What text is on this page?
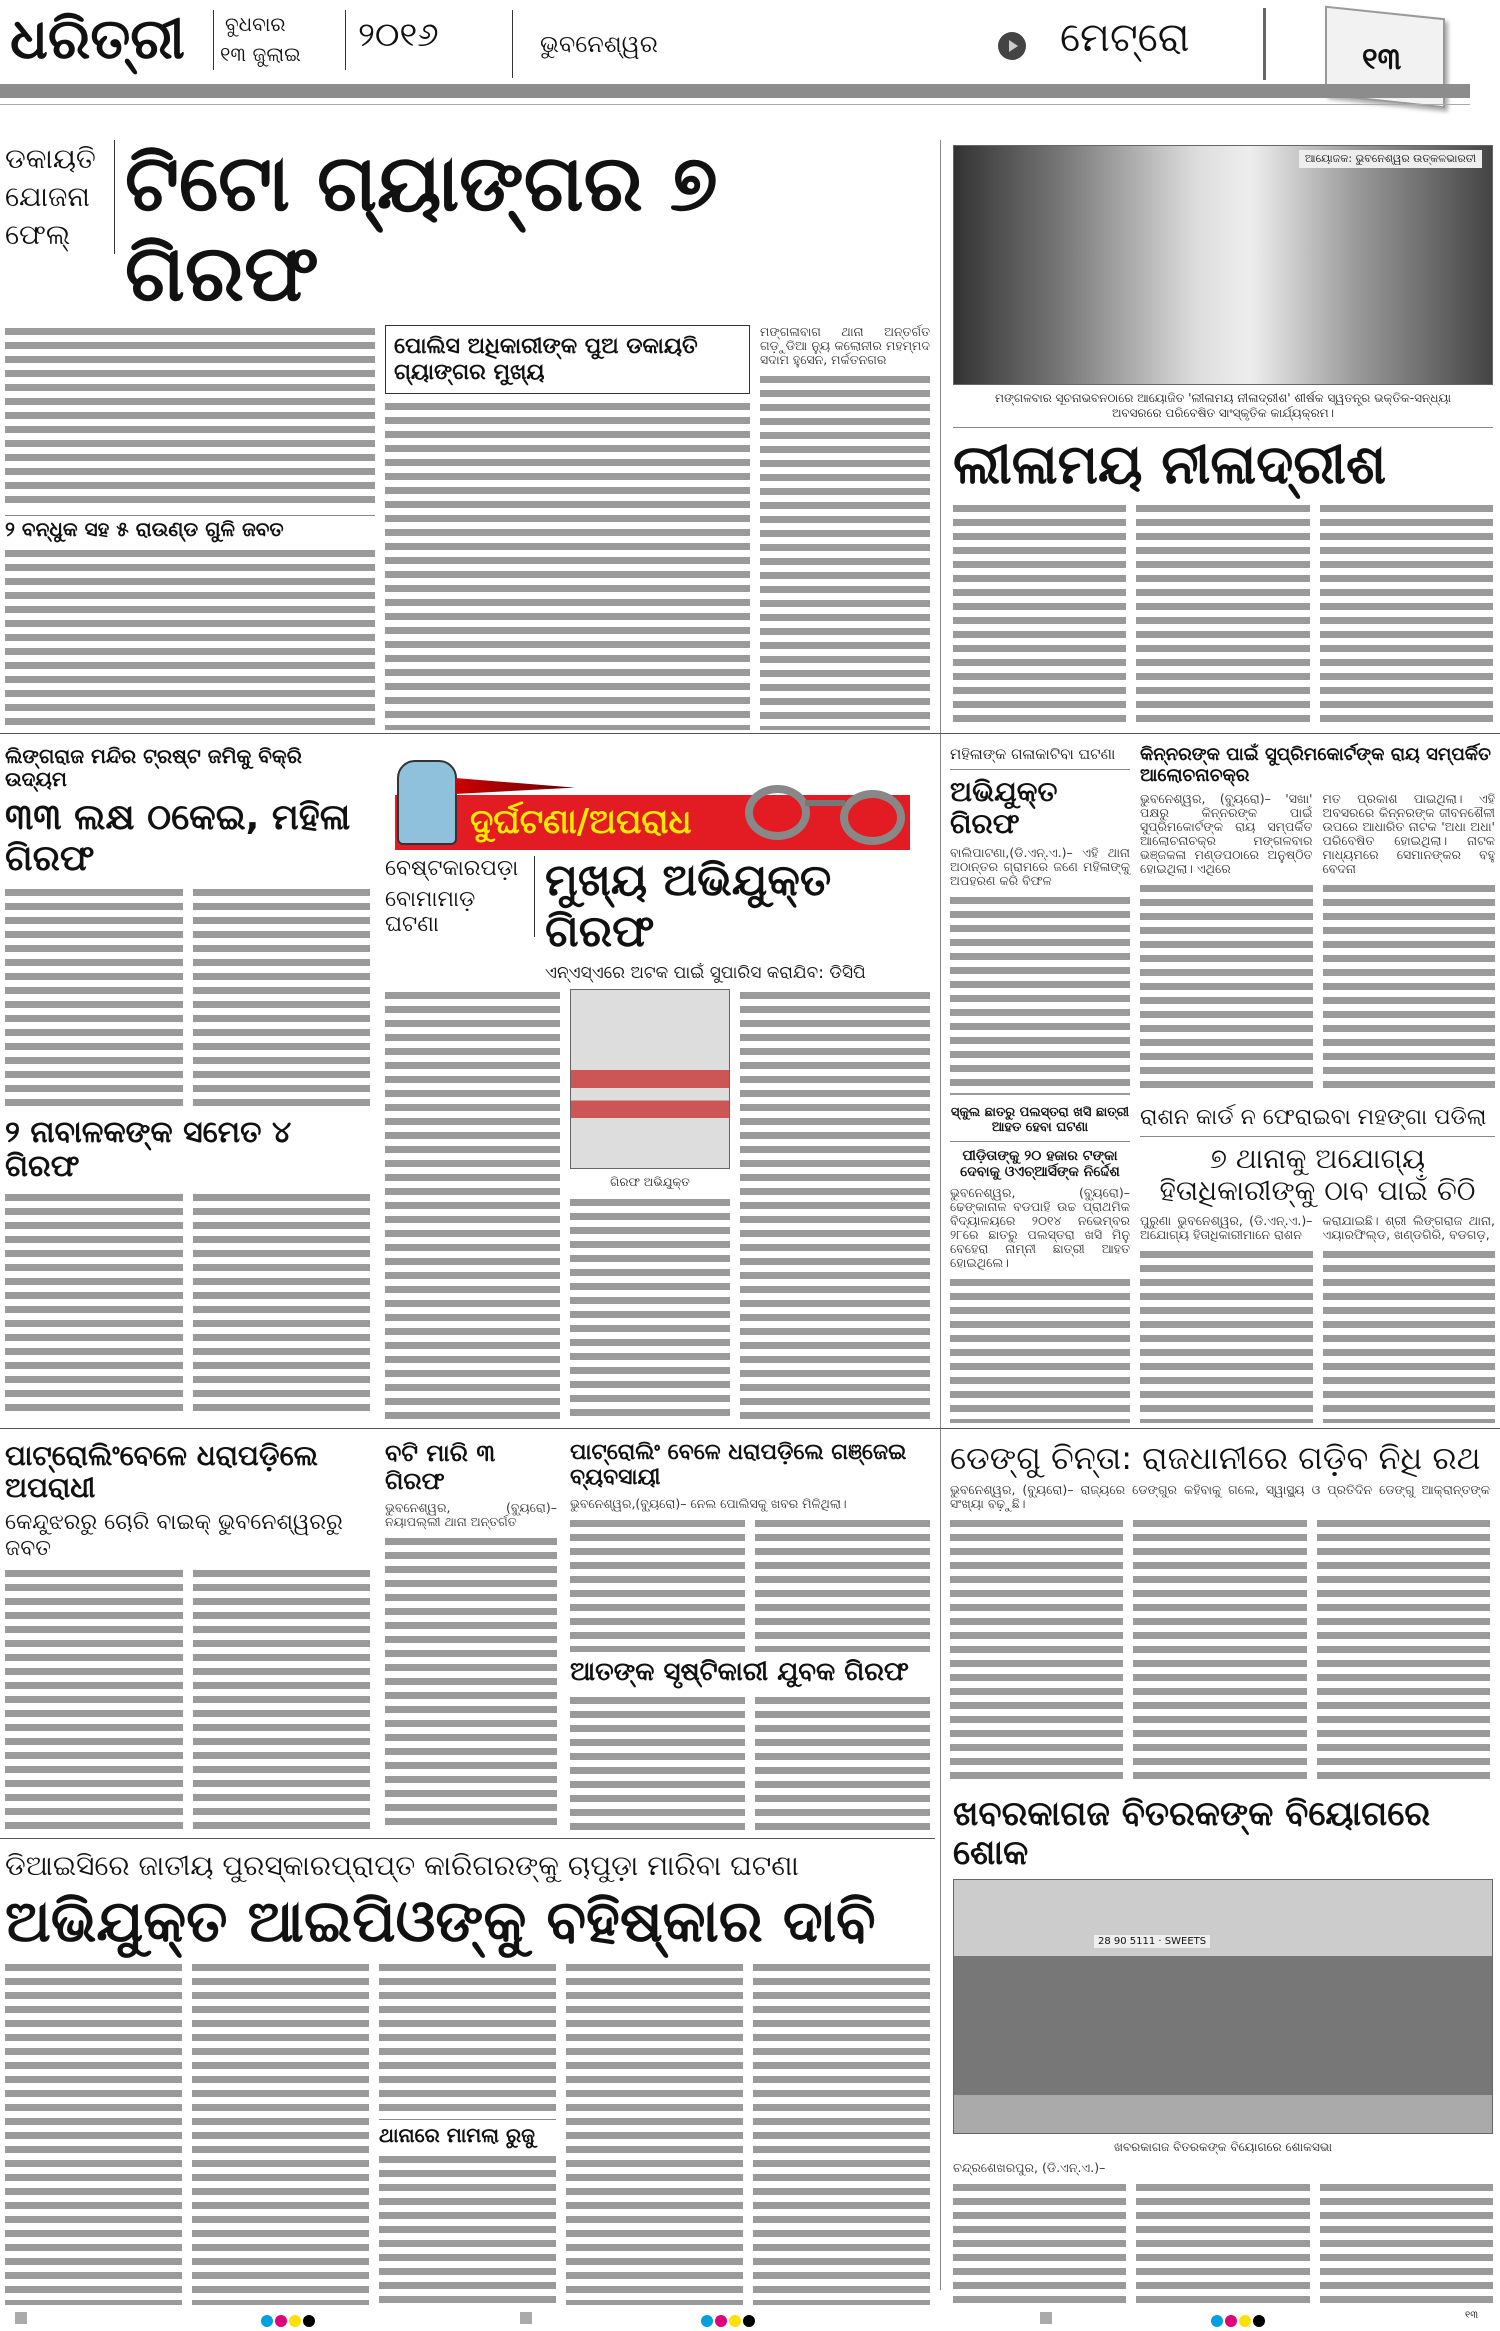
ଧରିତ୍ରୀ ବୁଧବାର
୧୩ ଜୁଲାଇ ୨୦୧୬	ଭୁବନେଶ୍ୱର	ମେଟ୍ରୋ	୧୩
ଡକାୟତି ଯୋଜନା ଫେଲ୍
ଟିଟୋ ଗ୍ୟାଙ୍ଗର ୭ ଗିରଫ
୨ ବନ୍ଧୁକ ସହ ୫ ରାଉଣ୍ଡ ଗୁଳି ଜବତ
ପୋଲିସ ଅଧିକାରୀଙ୍କ ପୁଅ ଡକାୟତି ଗ୍ୟାଙ୍ଗର ମୁଖ୍ୟ
ମଙ୍ଗଳାବାଗ ଥାନା ଅନ୍ତର୍ଗତ ଗଡ଼ୁଡିଆ ନ୍ୟୁ କଲୋନୀର ମହମ୍ମଦ ସଦାମ ହୁସେନ, ମର୍କତନଗର
ଆୟୋଜକ: ଭୁବନେଶ୍ୱର ଉତ୍କଳଭାରତୀ
ମଙ୍ଗଳବାର ସୂଚନାଭବନଠାରେ ଆୟୋଜିତ 'ଲୀଳାମୟ ନୀଳାଦ୍ରୀଶ' ଶୀର୍ଷକ ସ୍ୱତନ୍ତ୍ର ଭକ୍ତିକ-ସନ୍ଧ୍ୟା ଅବସରରେ ପରିବେଷିତ ସାଂସ୍କୃତିକ କାର୍ଯ୍ୟକ୍ରମ।
ଲୀଳାମୟ ନୀଳାଦ୍ରୀଶ
ଲିଙ୍ଗରାଜ ମନ୍ଦିର ଟ୍ରଷ୍ଟ ଜମିକୁ ବିକ୍ରି ଉଦ୍ୟମ
୩୩ ଲକ୍ଷ ଠକେଇ, ମହିଳା ଗିରଫ
୨ ନାବାଳକଙ୍କ ସମେତ ୪ ଗିରଫ
ଦୁର୍ଘଟଣା/ଅପରାଧ
ବେଷ୍ଟକାରପଡ଼ା
ବୋମାମାଡ଼ ଘଟଣା
ମୁଖ୍ୟ ଅଭିଯୁକ୍ତ ଗିରଫ
ଏନ୍ଏସ୍ଏରେ ଅଟକ ପାଇଁ ସୁପାରିସ କରାଯିବ: ଡିସିପି
ଗିରଫ ଅଭିଯୁକ୍ତ
ମହିଳାଙ୍କ ଗଳାକାଟିବା ଘଟଣା
ଅଭିଯୁକ୍ତ ଗିରଫ
ବାଲିପାଟଣା,(ଡି.ଏନ୍.ଏ.)– ଏହି ଥାନା ଅଠାନ୍ତର ଗ୍ରାମରେ ଜଣେ ମହିଳାଙ୍କୁ ଅପହରଣ କରି ବିଫଳ
କିନ୍ନରଙ୍କ ପାଇଁ ସୁପ୍ରିମକୋର୍ଟଙ୍କ ରାୟ ସମ୍ପର୍କିତ ଆଲୋଚନାଚକ୍ର
ଭୁବନେଶ୍ୱର, (ବ୍ୟୁରୋ)– 'ସଖା' ପକ୍ଷରୁ କିନ୍ନରଙ୍କ ପାଇଁ ସୁପ୍ରିମକୋର୍ଟଙ୍କ ରାୟ ସମ୍ପର୍କିତ ଆଲୋଚନାଚକ୍ର ମଙ୍ଗଳବାର ଭଞ୍ଜକଳା ମଣ୍ଡପଠାରେ ଅନୁଷ୍ଠିତ ହୋଇଥିଲା। ଏଥିରେ
ମତ ପ୍ରକାଶ ପାଇଥିଲା। ଏହି ଅବସରରେ କିନ୍ନରଙ୍କ ଜୀବନଶୈଳୀ ଉପରେ ଆଧାରିତ ନାଟକ 'ଅଧା ଅଧା' ପରିବେଷିତ ହୋଇଥିଲା। ନାଟକ ମାଧ୍ୟମରେ ସେମାନଙ୍କର ବହୁ ବେଦନା
ସ୍କୁଲ ଛାତରୁ ପଲସ୍ତରା ଖସି ଛାତ୍ରୀ ଆହତ ହେବା ଘଟଣା
ପୀଡ଼ିତାଙ୍କୁ ୨୦ ହଜାର ଟଙ୍କା ଦେବାକୁ ଓଏଚ୍ଆର୍ସିଙ୍କ ନିର୍ଦ୍ଦେଶ
ଭୁବନେଶ୍ୱର, (ବ୍ୟୁରୋ)– ଢେଙ୍କାନାଳ ବଡପାହି ଉଚ୍ଚ ପ୍ରାଥମିକ ବିଦ୍ୟାଳୟରେ ୨୦୧୪ ନଭେମ୍ବର ୨୮ରେ ଛାତରୁ ପଲସ୍ତରା ଖସି ମିନୁ ବେହେରା ନାମ୍ନୀ ଛାତ୍ରୀ ଆହତ ହୋଇଥିଲେ।
ରାଶନ କାର୍ଡ ନ ଫେରାଇବା ମହଙ୍ଗା ପଡିଲା
୭ ଥାନାକୁ ଅଯୋଗ୍ୟ ହିତାଧିକାରୀଙ୍କୁ ଠାବ ପାଇଁ ଚିଠି
ପୁରୁଣା ଭୁବନେଶ୍ୱର, (ଡି.ଏନ୍.ଏ.)– ଅଯୋଗ୍ୟ ହିତାଧିକାରୀମାନେ ରାଶନ
କରାଯାଇଛି। ଶ୍ରୀ ଲିଙ୍ଗରାଜ ଥାନା, ଏୟାରଫିଲ୍ଡ, ଖଣ୍ଡଗିରି, ବଡଗଡ଼,
ପାଟ୍ରୋଲିଂବେଳେ ଧରାପଡ଼ିଲେ ଅପରାଧୀ
କେନ୍ଦୁଝରରୁ ଚୋରି ବାଇକ୍ ଭୁବନେଶ୍ୱରରୁ ଜବତ
ବଟି ମାରି ୩ ଗିରଫ
ଭୁବନେଶ୍ୱର, (ବ୍ୟୁରୋ)– ନୟାପଲ୍ଲୀ ଥାନା ଅନ୍ତର୍ଗତ
ପାଟ୍ରୋଲିଂ ବେଳେ ଧରାପଡ଼ିଲେ ଗଞ୍ଜେଇ ବ୍ୟବସାୟୀ
ଭୁବନେଶ୍ୱର,(ବ୍ୟୁରୋ)– ନେଲ ପୋଲିସକୁ ଖବର ମିଳିଥିଲା।
ଆତଙ୍କ ସୃଷ୍ଟିକାରୀ ଯୁବକ ଗିରଫ
ଡେଙ୍ଗୁ ଚିନ୍ତା: ରାଜଧାନୀରେ ଗଡ଼ିବ ନିଧି ରଥ
ଭୁବନେଶ୍ୱର, (ବ୍ୟୁରୋ)– ରାଜ୍ୟରେ ଡେଙ୍ଗୁର କହିବାକୁ ଗଲେ, ସ୍ୱାସ୍ଥ୍ୟ ଓ ପ୍ରତିଦିନ ଡେଙ୍ଗୁ ଆକ୍ରାନ୍ତଙ୍କ ସଂଖ୍ୟା ବଢ଼ୁଛି।
ଡିଆଇସିରେ ଜାତୀୟ ପୁରସ୍କାରପ୍ରାପ୍ତ କାରିଗରଙ୍କୁ ଚାପୁଡ଼ା ମାରିବା ଘଟଣା
ଅଭିଯୁକ୍ତ ଆଇପିଓଙ୍କୁ ବହିଷ୍କାର ଦାବି
ଥାନାରେ ମାମଲା ରୁଜୁ
ଖବରକାଗଜ ବିତରକଙ୍କ ବିୟୋଗରେ ଶୋକ
28 90 5111 · SWEETS
ଖବରକାଗଜ ବିତରକଙ୍କ ବିୟୋଗରେ ଶୋକସଭା
ଚନ୍ଦ୍ରଶେଖରପୁର, (ଡି.ଏନ୍.ଏ.)–
୧୩
